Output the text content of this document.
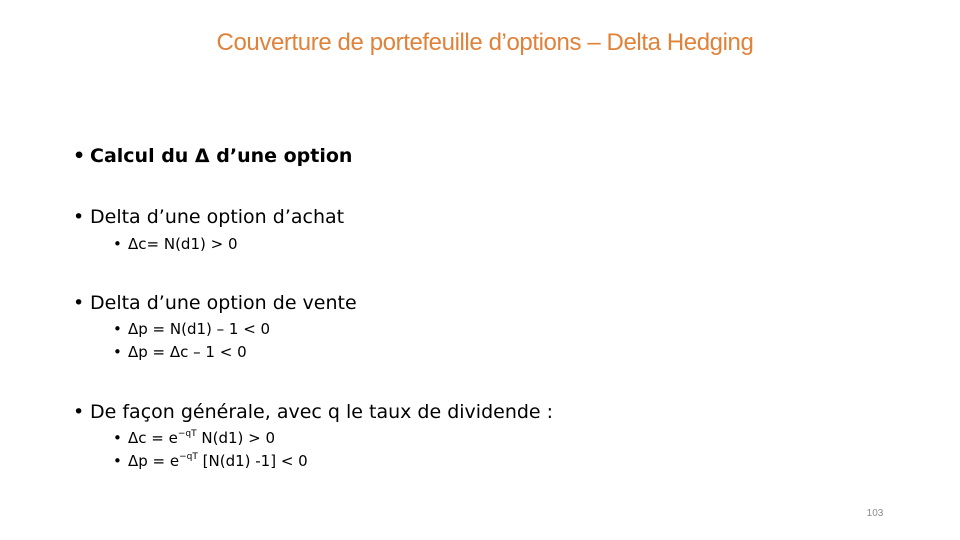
Couverture de portefeuille d’options – Delta Hedging
• Calcul du Δ d’une option
• Delta d’une option d’achat
• Δc= N(d1) > 0
• Delta d’une option de vente
• Δp = N(d1) – 1 < 0
• Δp = Δc – 1 < 0
• De façon générale, avec q le taux de dividende :
• $\Delta c = e^{-qT}$ N(d1) > 0
• $\Delta p = e^{-qT}$ [N(d1) -1] < 0
103
